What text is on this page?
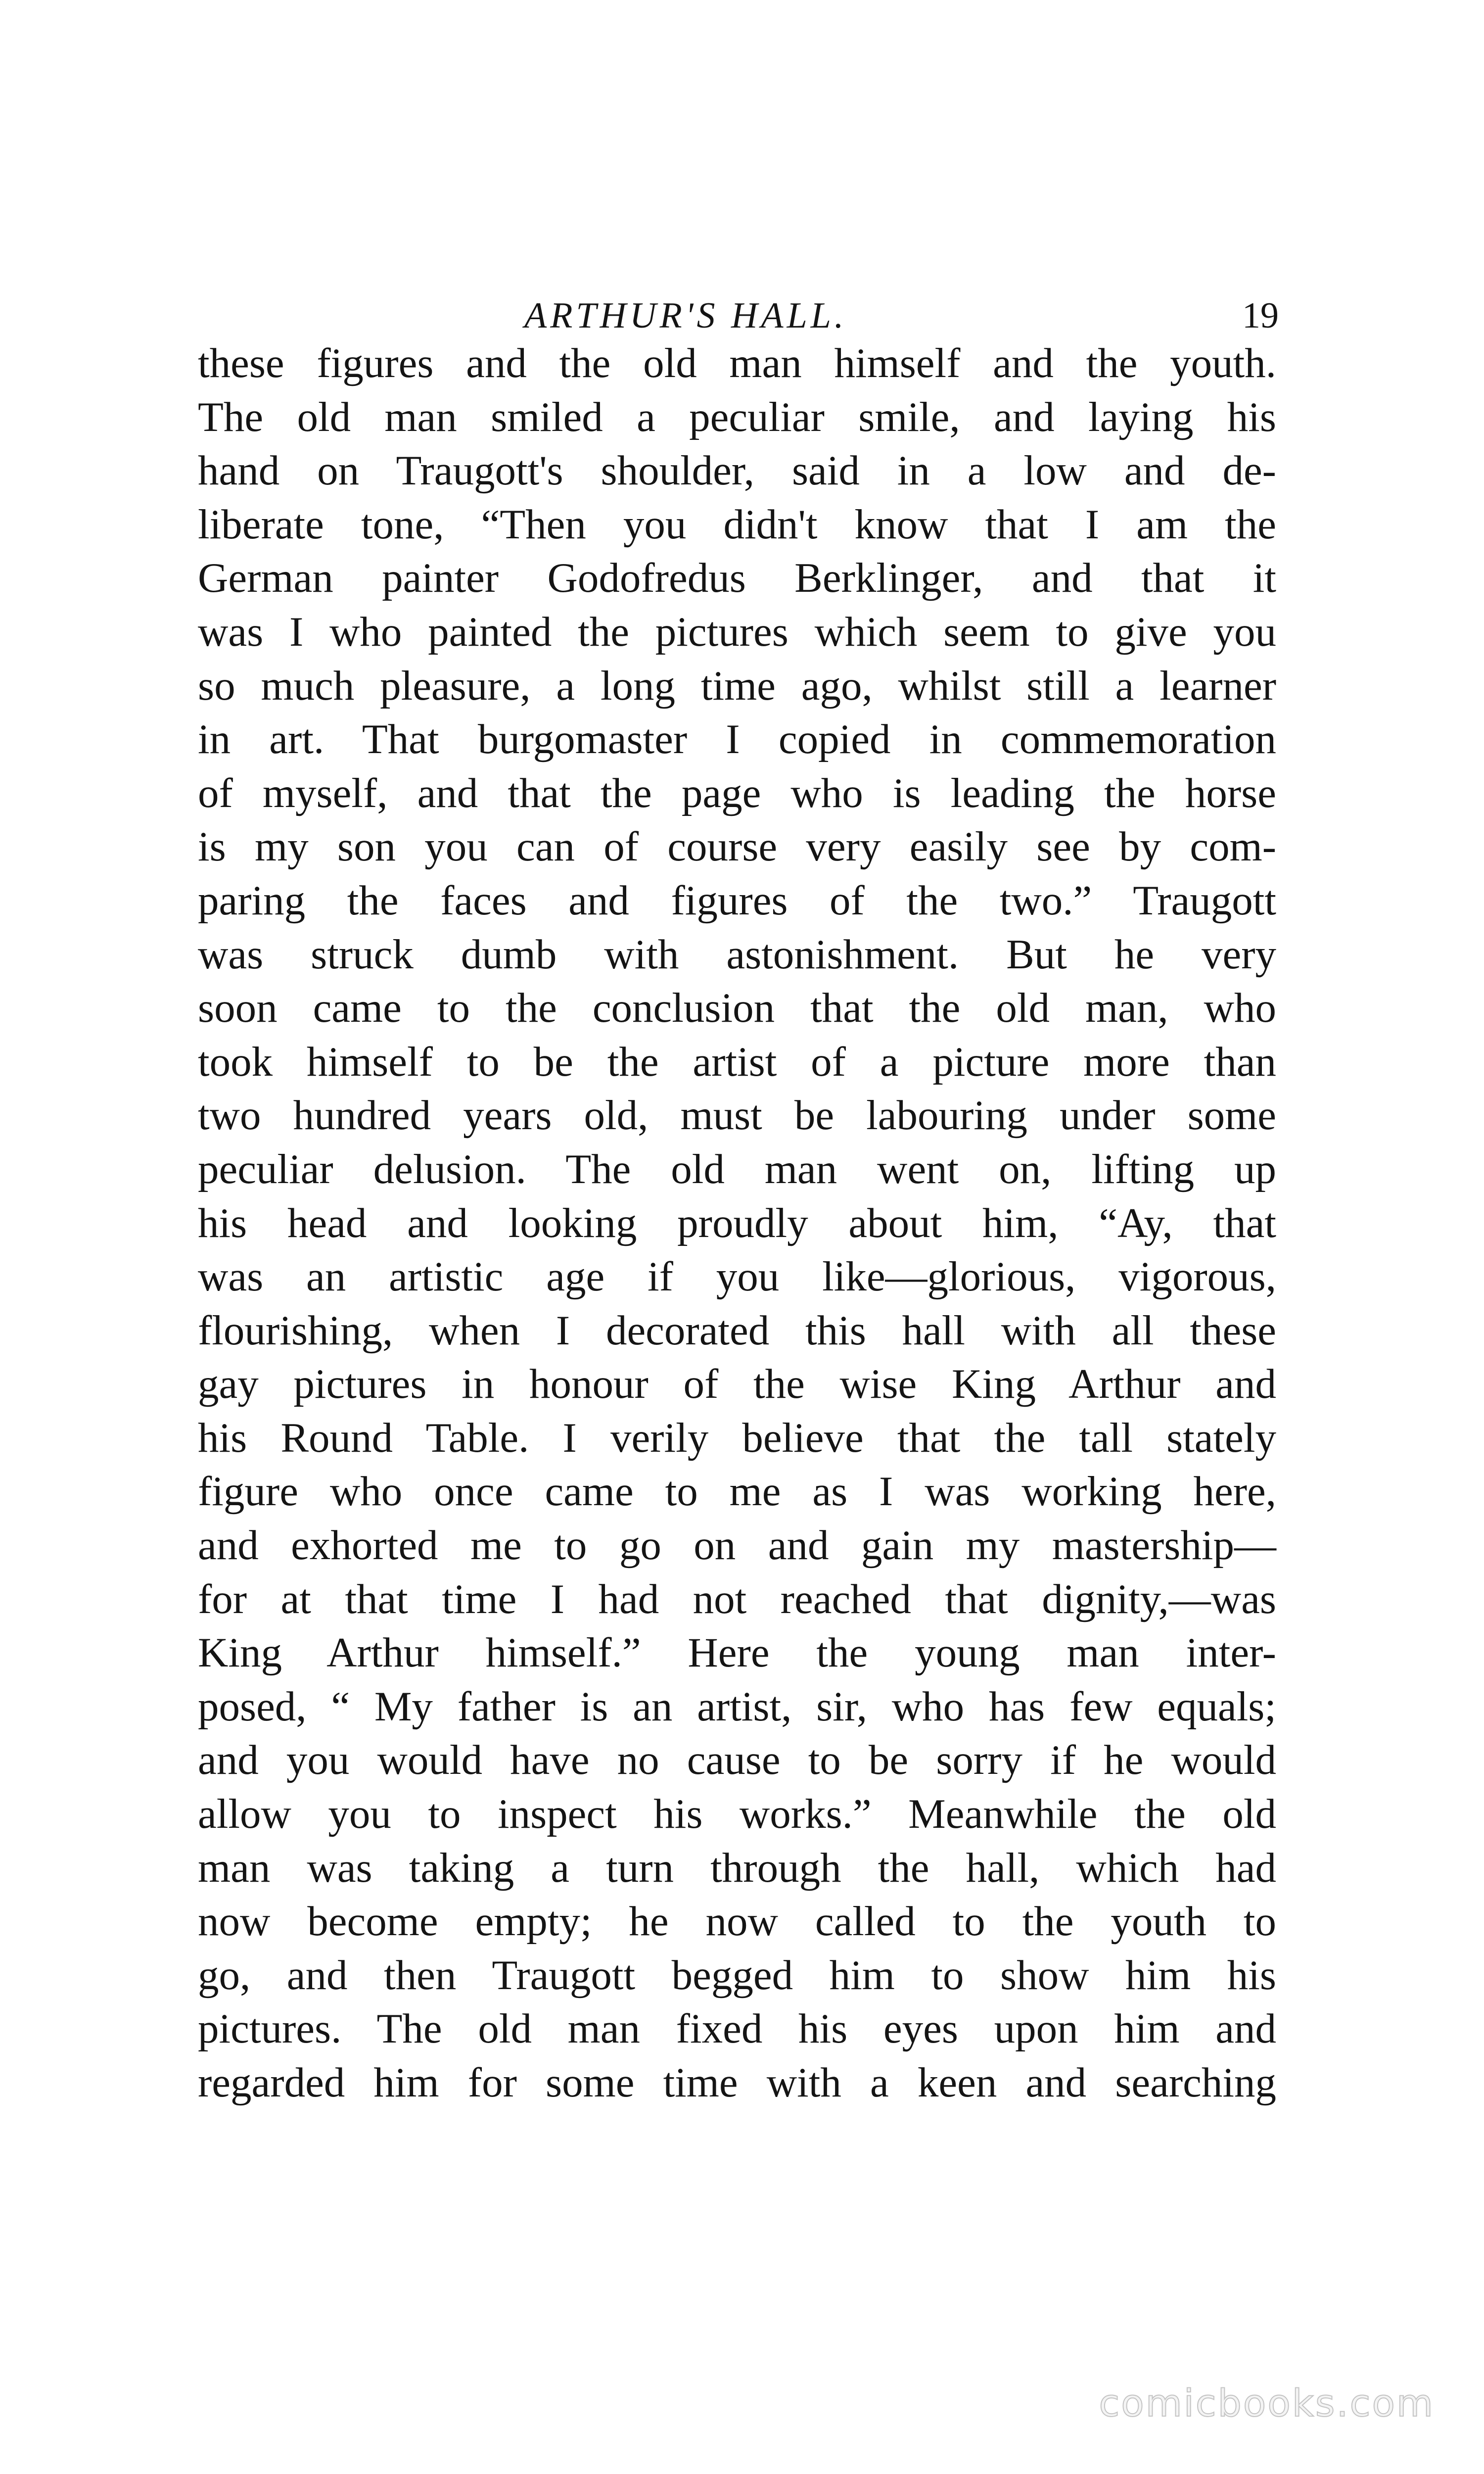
ARTHUR'S HALL.	19
these figures and the old man himself and the youth.
The old man smiled a peculiar smile, and laying his
hand on Traugott's shoulder, said in a low and de-
liberate tone, “Then you didn't know that I am the
German painter Godofredus Berklinger, and that it
was I who painted the pictures which seem to give you
so much pleasure, a long time ago, whilst still a learner
in art. That burgomaster I copied in commemoration
of myself, and that the page who is leading the horse
is my son you can of course very easily see by com-
paring the faces and figures of the two.” Traugott
was struck dumb with astonishment. But he very
soon came to the conclusion that the old man, who
took himself to be the artist of a picture more than
two hundred years old, must be labouring under some
peculiar delusion. The old man went on, lifting up
his head and looking proudly about him, “Ay, that
was an artistic age if you like—glorious, vigorous,
flourishing, when I decorated this hall with all these
gay pictures in honour of the wise King Arthur and
his Round Table. I verily believe that the tall stately
figure who once came to me as I was working here,
and exhorted me to go on and gain my mastership—
for at that time I had not reached that dignity,—was
King Arthur himself.” Here the young man inter-
posed, “ My father is an artist, sir, who has few equals;
and you would have no cause to be sorry if he would
allow you to inspect his works.” Meanwhile the old
man was taking a turn through the hall, which had
now become empty; he now called to the youth to
go, and then Traugott begged him to show him his
pictures. The old man fixed his eyes upon him and
regarded him for some time with a keen and searching
comicbooks.com
